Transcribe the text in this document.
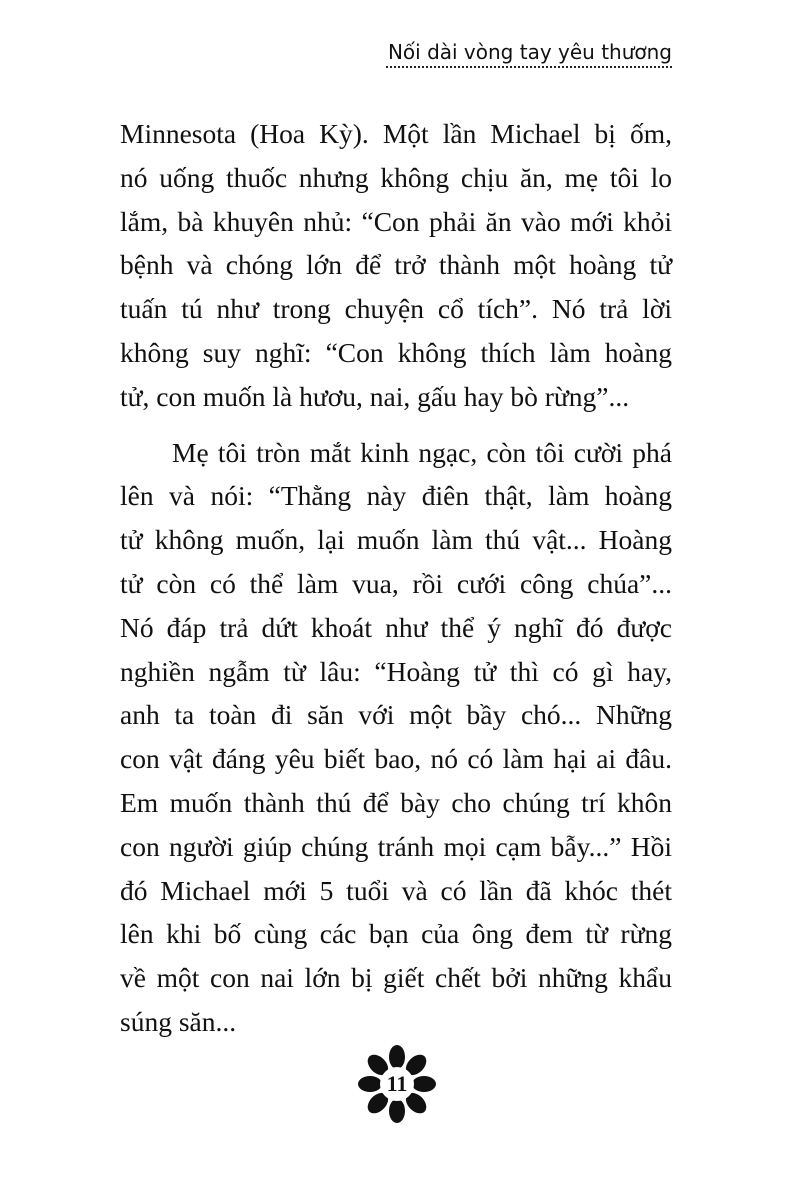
Nối dài vòng tay yêu thương
Minnesota (Hoa Kỳ). Một lần Michael bị ốm,
nó uống thuốc nhưng không chịu ăn, mẹ tôi lo
lắm, bà khuyên nhủ: “Con phải ăn vào mới khỏi
bệnh và chóng lớn để trở thành một hoàng tử
tuấn tú như trong chuyện cổ tích”. Nó trả lời
không suy nghĩ: “Con không thích làm hoàng
tử, con muốn là hươu, nai, gấu hay bò rừng”...
Mẹ tôi tròn mắt kinh ngạc, còn tôi cười phá
lên và nói: “Thằng này điên thật, làm hoàng
tử không muốn, lại muốn làm thú vật... Hoàng
tử còn có thể làm vua, rồi cưới công chúa”...
Nó đáp trả dứt khoát như thể ý nghĩ đó được
nghiền ngẫm từ lâu: “Hoàng tử thì có gì hay,
anh ta toàn đi săn với một bầy chó... Những
con vật đáng yêu biết bao, nó có làm hại ai đâu.
Em muốn thành thú để bày cho chúng trí khôn
con người giúp chúng tránh mọi cạm bẫy...” Hồi
đó Michael mới 5 tuổi và có lần đã khóc thét
lên khi bố cùng các bạn của ông đem từ rừng
về một con nai lớn bị giết chết bởi những khẩu
súng săn...
11
